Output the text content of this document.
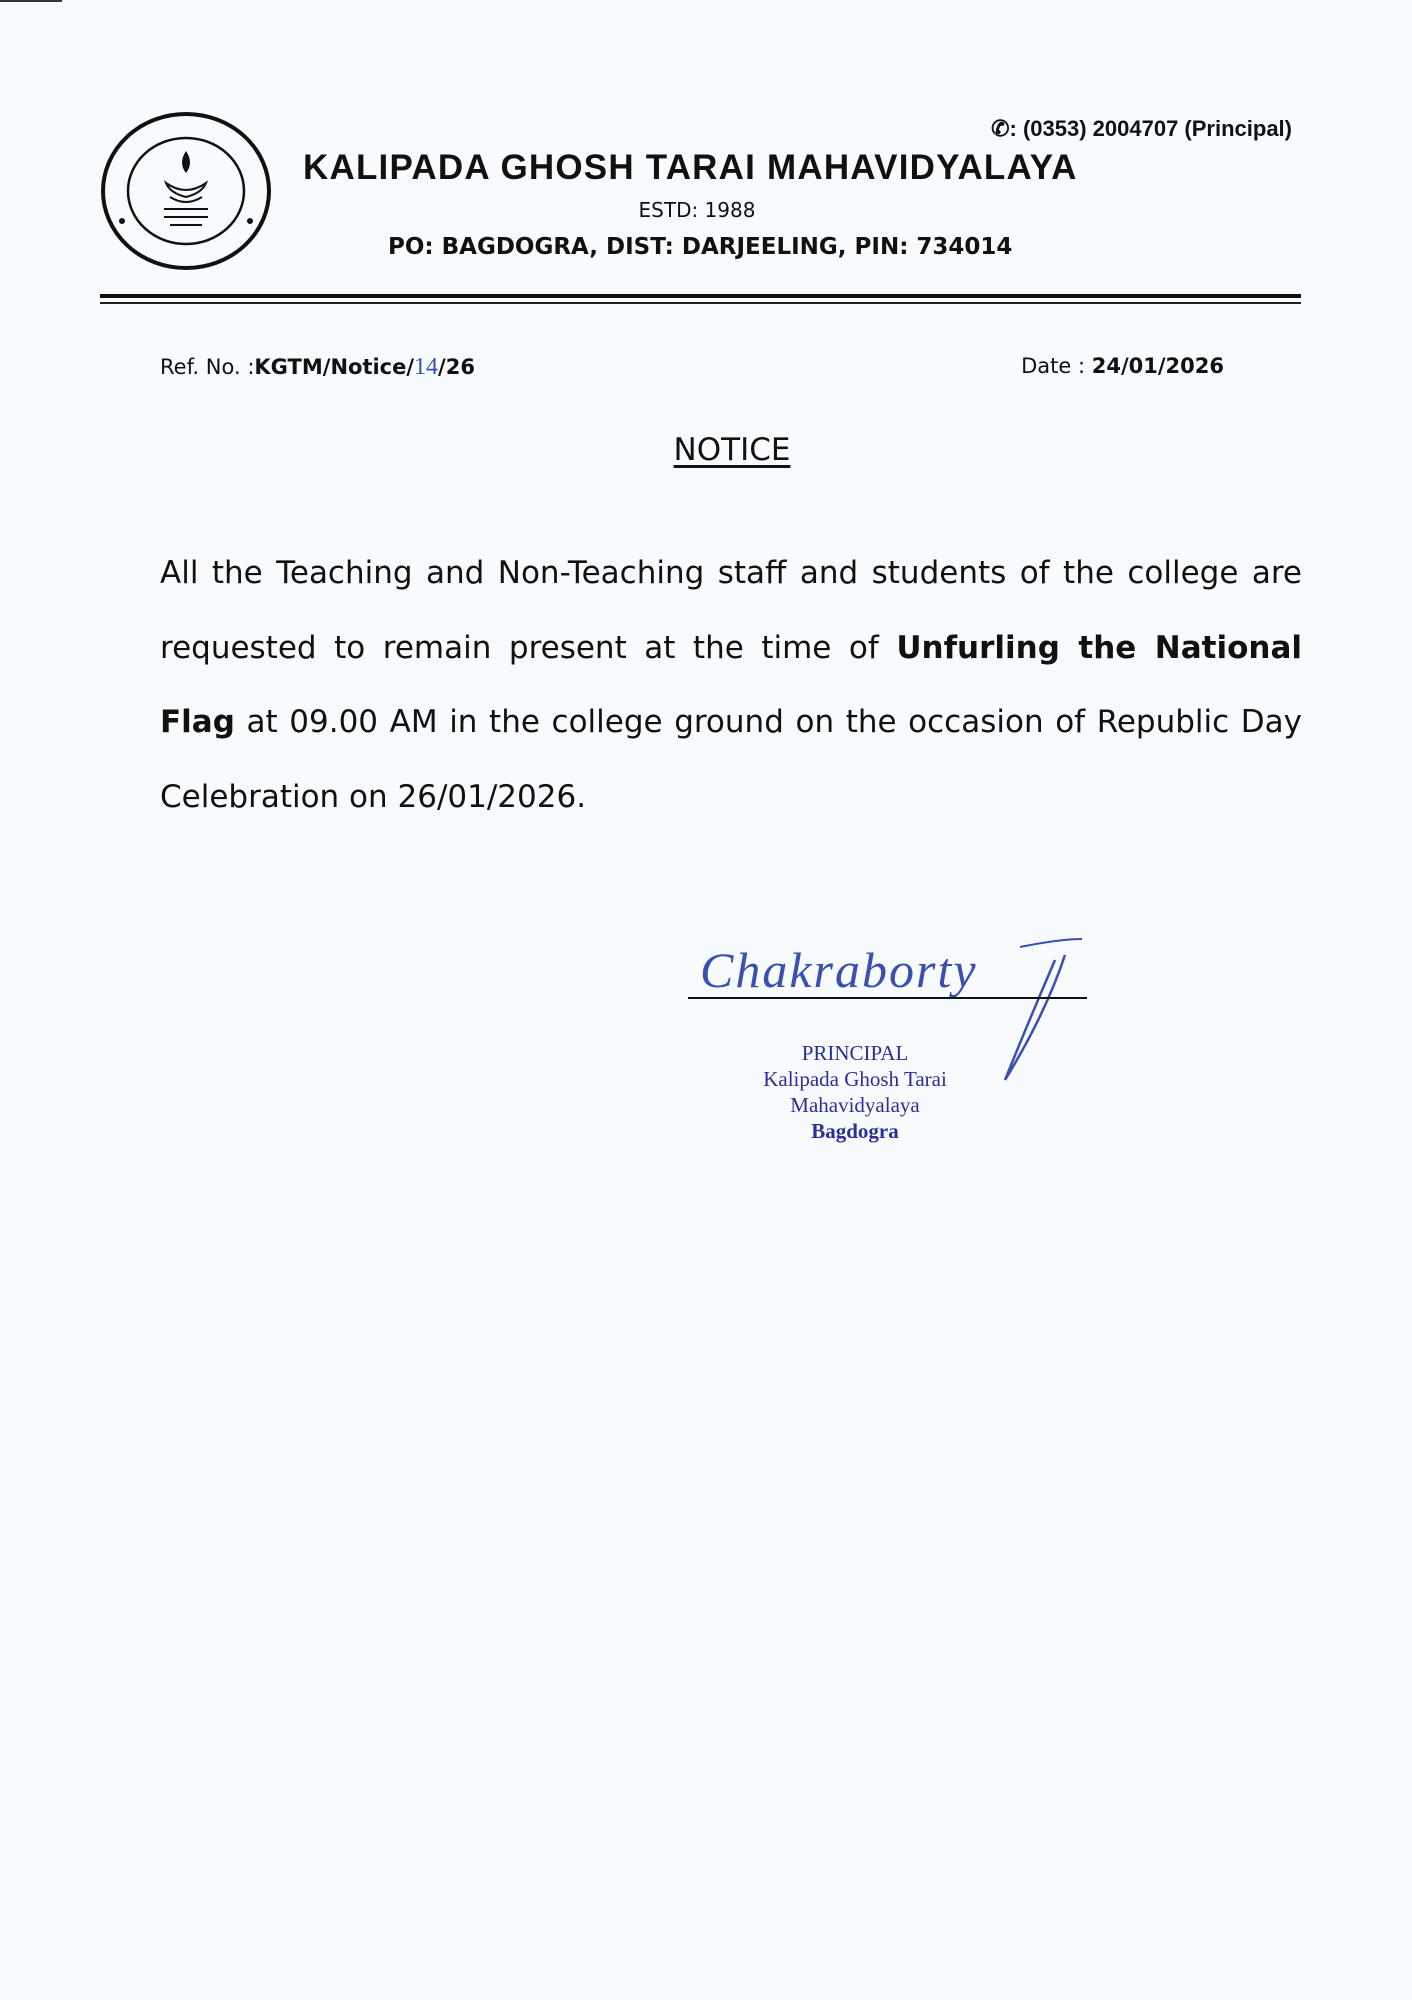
✆: (0353) 2004707 (Principal)
KALIPADA GHOSH TARAI MAHAVIDYALAYA
ESTD: 1988
PO: BAGDOGRA, DIST: DARJEELING, PIN: 734014
Ref. No. :KGTM/Notice/14/26	Date : 24/01/2026
NOTICE
All the Teaching and Non-Teaching staff and students of the college are requested to remain present at the time of Unfurling the National Flag at 09.00 AM in the college ground on the occasion of Republic Day Celebration on 26/01/2026.
Chakraborty
PRINCIPAL
Kalipada Ghosh Tarai
Mahavidyalaya
Bagdogra
